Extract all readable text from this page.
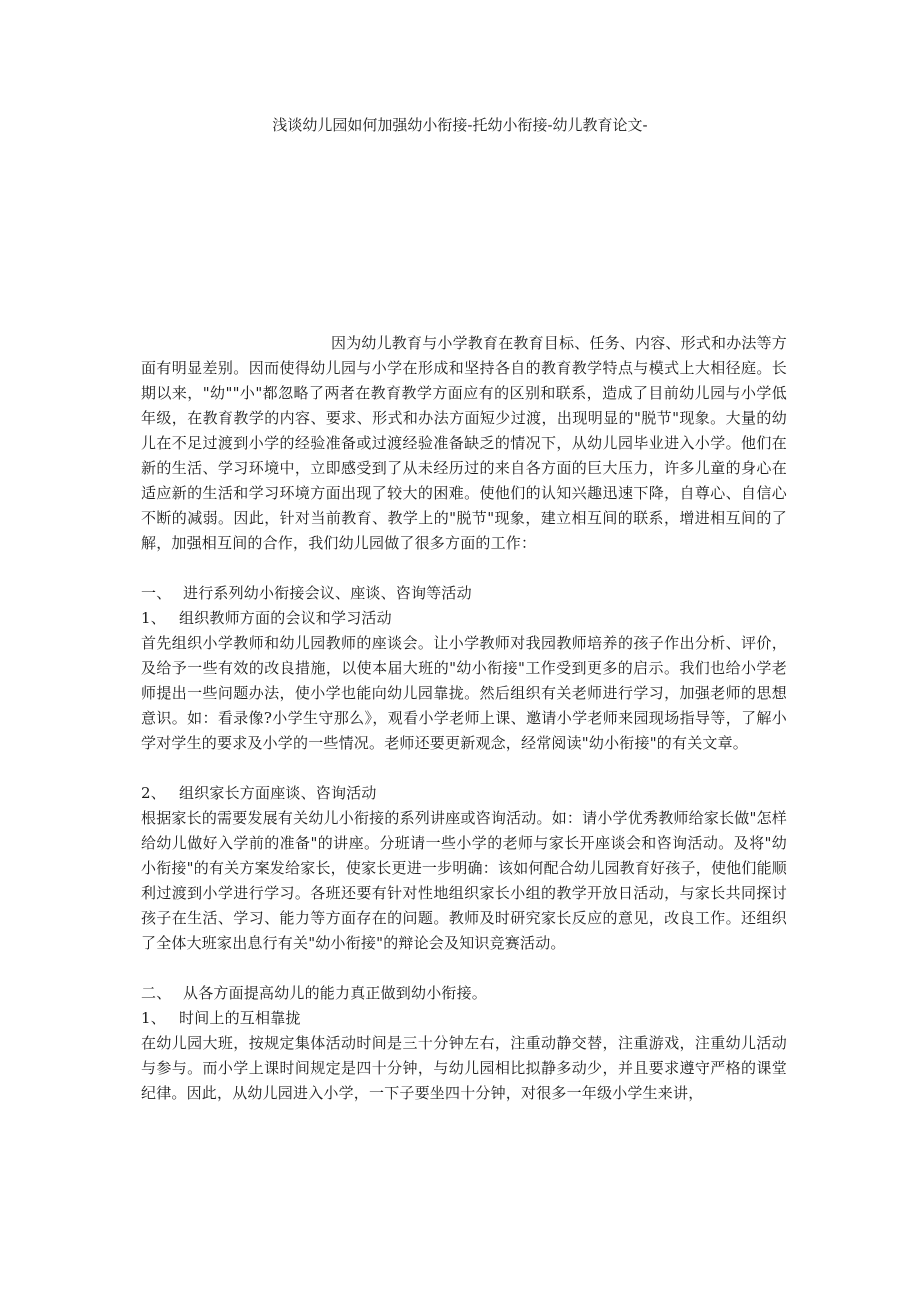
浅谈幼儿园如何加强幼小衔接-托幼小衔接-幼儿教育论文-

因为幼儿教育与小学教育在教育目标、任务、内容、形式和办法等方面有明显差别。因而使得幼儿园与小学在形成和坚持各自的教育教学特点与模式上大相径庭。长期以来，"幼""小"都忽略了两者在教育教学方面应有的区别和联系，造成了目前幼儿园与小学低年级，在教育教学的内容、要求、形式和办法方面短少过渡，出现明显的"脱节"现象。大量的幼儿在不足过渡到小学的经验准备或过渡经验准备缺乏的情况下，从幼儿园毕业进入小学。他们在新的生活、学习环境中，立即感受到了从未经历过的来自各方面的巨大压力，许多儿童的身心在适应新的生活和学习环境方面出现了较大的困难。使他们的认知兴趣迅速下降，自尊心、自信心不断的减弱。因此，针对当前教育、教学上的"脱节"现象，建立相互间的联系，增进相互间的了解，加强相互间的合作，我们幼儿园做了很多方面的工作：

一、 进行系列幼小衔接会议、座谈、咨询等活动

1、 组织教师方面的会议和学习活动

首先组织小学教师和幼儿园教师的座谈会。让小学教师对我园教师培养的孩子作出分析、评价，及给予一些有效的改良措施，以使本届大班的"幼小衔接"工作受到更多的启示。我们也给小学老师提出一些问题办法，使小学也能向幼儿园靠拢。然后组织有关老师进行学习，加强老师的思想意识。如：看录像?小学生守那么》，观看小学老师上课、邀请小学老师来园现场指导等，了解小学对学生的要求及小学的一些情况。老师还要更新观念，经常阅读"幼小衔接"的有关文章。

2、 组织家长方面座谈、咨询活动

根据家长的需要发展有关幼儿小衔接的系列讲座或咨询活动。如：请小学优秀教师给家长做"怎样给幼儿做好入学前的准备"的讲座。分班请一些小学的老师与家长开座谈会和咨询活动。及将"幼小衔接"的有关方案发给家长，使家长更进一步明确：该如何配合幼儿园教育好孩子，使他们能顺利过渡到小学进行学习。各班还要有针对性地组织家长小组的教学开放日活动，与家长共同探讨孩子在生活、学习、能力等方面存在的问题。教师及时研究家长反应的意见，改良工作。还组织了全体大班家出息行有关"幼小衔接"的辩论会及知识竞赛活动。

二、 从各方面提高幼儿的能力真正做到幼小衔接。

1、 时间上的互相靠拢

在幼儿园大班，按规定集体活动时间是三十分钟左右，注重动静交替，注重游戏，注重幼儿活动与参与。而小学上课时间规定是四十分钟，与幼儿园相比拟静多动少，并且要求遵守严格的课堂纪律。因此，从幼儿园进入小学，一下子要坐四十分钟，对很多一年级小学生来讲，
